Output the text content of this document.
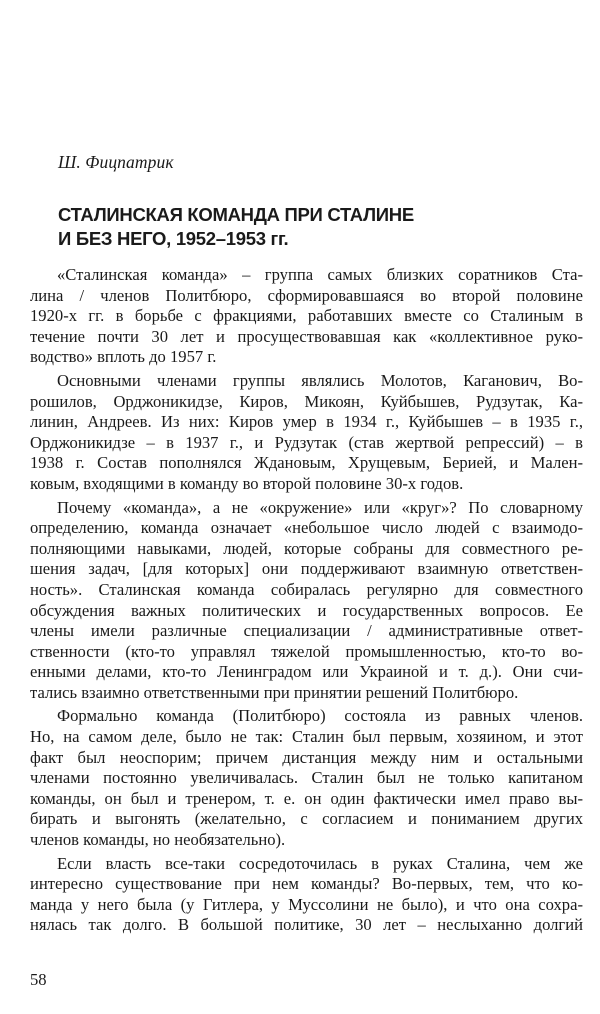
Ш. Фицпатрик
СТАЛИНСКАЯ КОМАНДА ПРИ СТАЛИНЕ
И БЕЗ НЕГО, 1952–1953 гг.
«Сталинская команда» – группа самых близких соратников Ста-
лина / членов Политбюро, сформировавшаяся во второй половине
1920-х гг. в борьбе с фракциями, работавших вместе со Сталиным в
течение почти 30 лет и просуществовавшая как «коллективное руко-
водство» вплоть до 1957 г.
Основными членами группы являлись Молотов, Каганович, Во-
рошилов, Орджоникидзе, Киров, Микоян, Куйбышев, Рудзутак, Ка-
линин, Андреев. Из них: Киров умер в 1934 г., Куйбышев – в 1935 г.,
Орджоникидзе – в 1937 г., и Рудзутак (став жертвой репрессий) – в
1938 г. Состав пополнялся Ждановым, Хрущевым, Берией, и Мален-
ковым, входящими в команду во второй половине 30-х годов.
Почему «команда», а не «окружение» или «круг»? По словарному
определению, команда означает «небольшое число людей с взаимодо-
полняющими навыками, людей, которые собраны для совместного ре-
шения задач, [для которых] они поддерживают взаимную ответствен-
ность». Сталинская команда собиралась регулярно для совместного
обсуждения важных политических и государственных вопросов. Ее
члены имели различные специализации / административные ответ-
ственности (кто-то управлял тяжелой промышленностью, кто-то во-
енными делами, кто-то Ленинградом или Украиной и т. д.). Они счи-
тались взаимно ответственными при принятии решений Политбюро.
Формально команда (Политбюро) состояла из равных членов.
Но, на самом деле, было не так: Сталин был первым, хозяином, и этот
факт был неоспорим; причем дистанция между ним и остальными
членами постоянно увеличивалась. Сталин был не только капитаном
команды, он был и тренером, т. е. он один фактически имел право вы-
бирать и выгонять (желательно, с согласием и пониманием других
членов команды, но необязательно).
Если власть все-таки сосредоточилась в руках Сталина, чем же
интересно существование при нем команды? Во-первых, тем, что ко-
манда у него была (у Гитлера, у Муссолини не было), и что она сохра-
нялась так долго. В большой политике, 30 лет – неслыханно долгий
58
